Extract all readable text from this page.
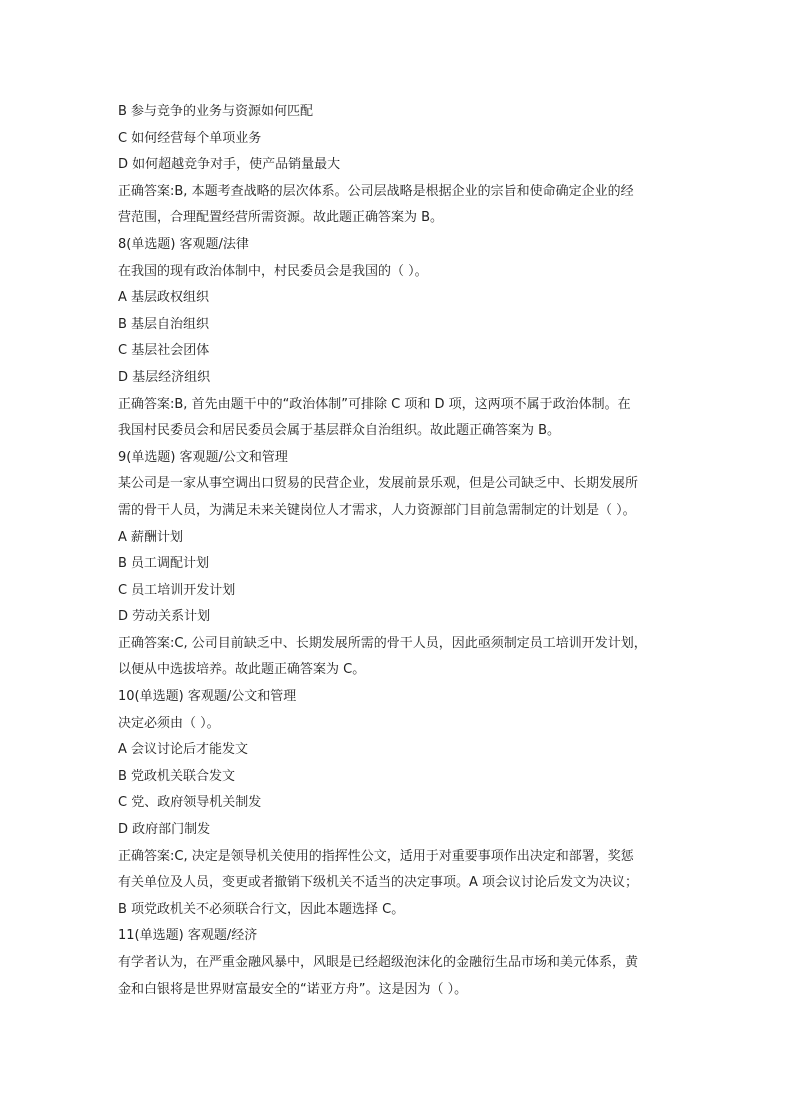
B 参与竞争的业务与资源如何匹配
C 如何经营每个单项业务
D 如何超越竞争对手，使产品销量最大
正确答案:B, 本题考查战略的层次体系。公司层战略是根据企业的宗旨和使命确定企业的经
营范围，合理配置经营所需资源。故此题正确答案为 B。
8(单选题) 客观题/法律
在我国的现有政治体制中，村民委员会是我国的（ ）。
A 基层政权组织
B 基层自治组织
C 基层社会团体
D 基层经济组织
正确答案:B, 首先由题干中的“政治体制”可排除 C 项和 D 项，这两项不属于政治体制。在
我国村民委员会和居民委员会属于基层群众自治组织。故此题正确答案为 B。
9(单选题) 客观题/公文和管理
某公司是一家从事空调出口贸易的民营企业，发展前景乐观，但是公司缺乏中、长期发展所
需的骨干人员，为满足未来关键岗位人才需求，人力资源部门目前急需制定的计划是（ ）。
A 薪酬计划
B 员工调配计划
C 员工培训开发计划
D 劳动关系计划
正确答案:C, 公司目前缺乏中、长期发展所需的骨干人员，因此亟须制定员工培训开发计划，
以便从中选拔培养。故此题正确答案为 C。
10(单选题) 客观题/公文和管理
决定必须由（ ）。
A 会议讨论后才能发文
B 党政机关联合发文
C 党、政府领导机关制发
D 政府部门制发
正确答案:C, 决定是领导机关使用的指挥性公文，适用于对重要事项作出决定和部署，奖惩
有关单位及人员，变更或者撤销下级机关不适当的决定事项。A 项会议讨论后发文为决议；
B 项党政机关不必须联合行文，因此本题选择 C。
11(单选题) 客观题/经济
有学者认为，在严重金融风暴中，风眼是已经超级泡沫化的金融衍生品市场和美元体系，黄
金和白银将是世界财富最安全的“诺亚方舟”。这是因为（ ）。
